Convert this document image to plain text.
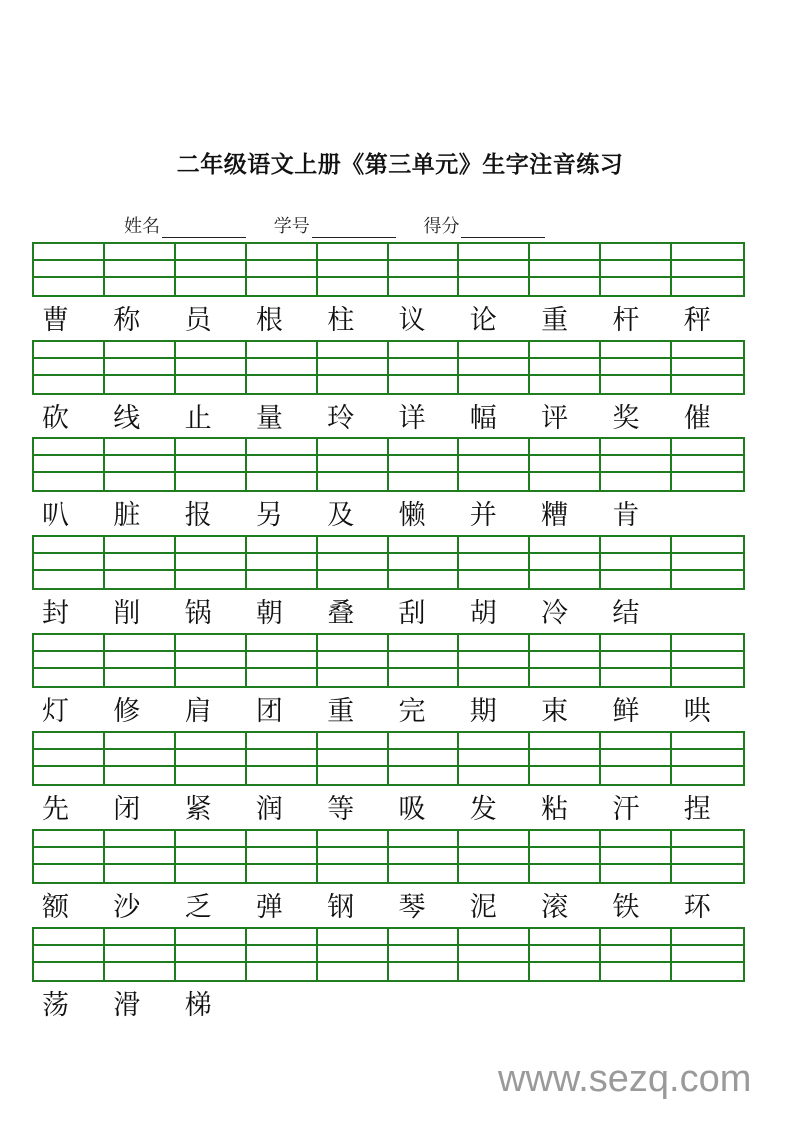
二年级语文上册《第三单元》生字注音练习
姓名	学号	得分
曹	称	员	根	柱	议	论	重	杆	秤
砍	线	止	量	玲	详	幅	评	奖	催
叭	脏	报	另	及	懒	并	糟	肯
封	削	锅	朝	叠	刮	胡	冷	结
灯	修	肩	团	重	完	期	束	鲜	哄
先	闭	紧	润	等	吸	发	粘	汗	捏
额	沙	乏	弹	钢	琴	泥	滚	铁	环
荡	滑	梯
www.sezq.com
